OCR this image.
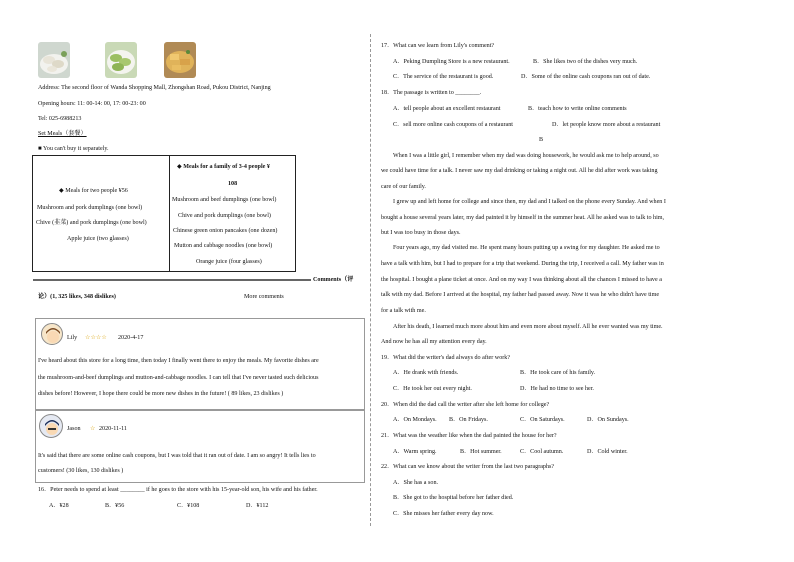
Address: The second floor of Wanda Shopping Mall, Zhongshan Road, Pukou District, Nanjing
Opening hours: 11: 00-14: 00, 17: 00-23: 00
Tel: 025-6988213
Set Meals（套餐）
■ You can't buy it separately.
◆ Meals for two people ¥56
Mushroom and pork dumplings (one bowl)
Chive (韭菜) and pork dumplings (one bowl)
Apple juice (two glasses)
◆ Meals for a family of 3-4 people ¥
108
Mushroom and beef dumplings (one bowl)
Chive and pork dumplings (one bowl)
Chinese green onion pancakes (one dozen)
Mutton and cabbage noodles (one bowl)
Orange juice (four glasses)
Comments（评
论）(1, 325 likes, 348 dislikes)	More comments
Lily ☆☆☆☆ 2020-4-17
I've heard about this store for a long time, then today I finally went there to enjoy the meals. My favorite dishes are
the mushroom-and-beef dumplings and mutton-and-cabbage noodles. I can tell that I've never tasted such delicious
dishes before! However, I hope there could be more new dishes in the future! ( 89 likes, 23 dislikes )
Jason ☆ 2020-11-11
It's said that there are some online cash coupons, but I was told that it ran out of date. I am so angry! It tells lies to
customers! (30 likes, 130 dislikes )
16．Peter needs to spend at least ________ if he goes to the store with his 15-year-old son, his wife and his father.
A．¥28	B．¥56	C．¥108	D．¥112
17．What can we learn from Lily's comment?
A．Peking Dumpling Store is a new restaurant.	B．She likes two of the dishes very much.
C．The service of the restaurant is good.	D．Some of the online cash coupons ran out of date.
18．The passage is written to ________.
A．tell people about an excellent restaurant	B．teach how to write online comments
C．sell more online cash coupons of a restaurant	D．let people know more about a restaurant
B
When I was a little girl, I remember when my dad was doing housework, he would ask me to help around, so
we could have time for a talk. I never saw my dad drinking or taking a night out. All he did after work was taking
care of our family.
I grew up and left home for college and since then, my dad and I talked on the phone every Sunday. And when I
bought a house several years later, my dad painted it by himself in the summer heat. All he asked was to talk to him,
but I was too busy in those days.
Four years ago, my dad visited me. He spent many hours putting up a swing for my daughter. He asked me to
have a talk with him, but I had to prepare for a trip that weekend. During the trip, I received a call. My father was in
the hospital. I bought a plane ticket at once. And on my way I was thinking about all the chances I missed to have a
talk with my dad. Before I arrived at the hospital, my father had passed away. Now it was he who didn't have time
for a talk with me.
After his death, I learned much more about him and even more about myself. All he ever wanted was my time.
And now he has all my attention every day.
19．What did the writer's dad always do after work?
A．He drank with friends.	B．He took care of his family.
C．He took her out every night.	D．He had no time to see her.
20．When did the dad call the writer after she left home for college?
A．On Mondays. B．On Fridays.	C．On Saturdays.	D．On Sundays.
21．What was the weather like when the dad painted the house for her?
A．Warm spring.	B．Hot summer.	C．Cool autumn.	D．Cold winter.
22．What can we know about the writer from the last two paragraphs?
A．She has a son.
B．She got to the hospital before her father died.
C．She misses her father every day now.
